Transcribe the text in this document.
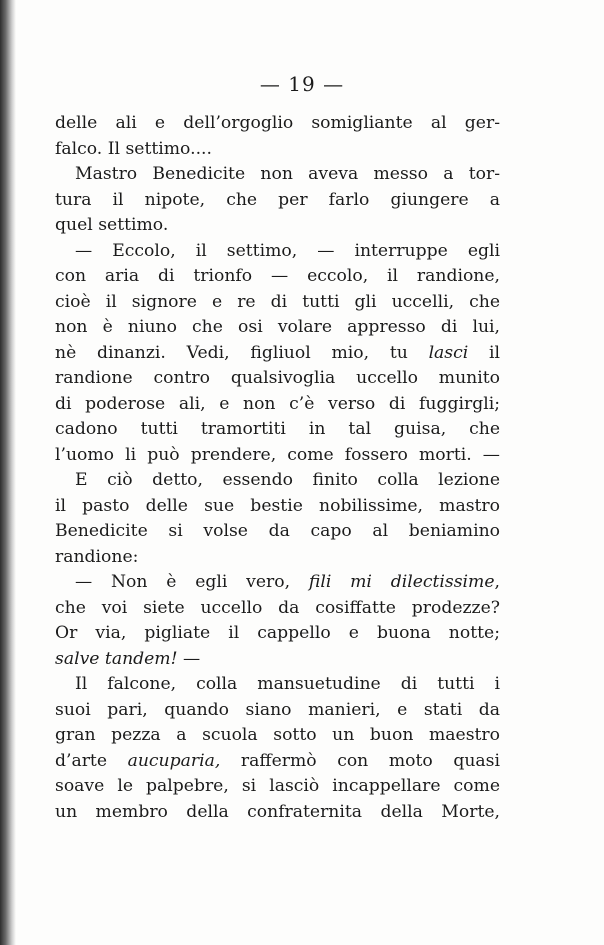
— 19 —
delle ali e dell’orgoglio somigliante al ger-
falco. Il settimo....
Mastro Benedicite non aveva messo a tor-
tura il nipote, che per farlo giungere a
quel settimo.
— Eccolo, il settimo, — interruppe egli
con aria di trionfo — eccolo, il randione,
cioè il signore e re di tutti gli uccelli, che
non è niuno che osi volare appresso di lui,
nè dinanzi. Vedi, figliuol mio, tu lasci il
randione contro qualsivoglia uccello munito
di poderose ali, e non c’è verso di fuggirgli;
cadono tutti tramortiti in tal guisa, che
l’uomo li può prendere, come fossero morti. —
E ciò detto, essendo finito colla lezione
il pasto delle sue bestie nobilissime, mastro
Benedicite si volse da capo al beniamino
randione:
— Non è egli vero, fili mi dilectissime,
che voi siete uccello da cosiffatte prodezze?
Or via, pigliate il cappello e buona notte;
salve tandem! —
Il falcone, colla mansuetudine di tutti i
suoi pari, quando siano manieri, e stati da
gran pezza a scuola sotto un buon maestro
d’arte aucuparia, raffermò con moto quasi
soave le palpebre, si lasciò incappellare come
un membro della confraternita della Morte,
